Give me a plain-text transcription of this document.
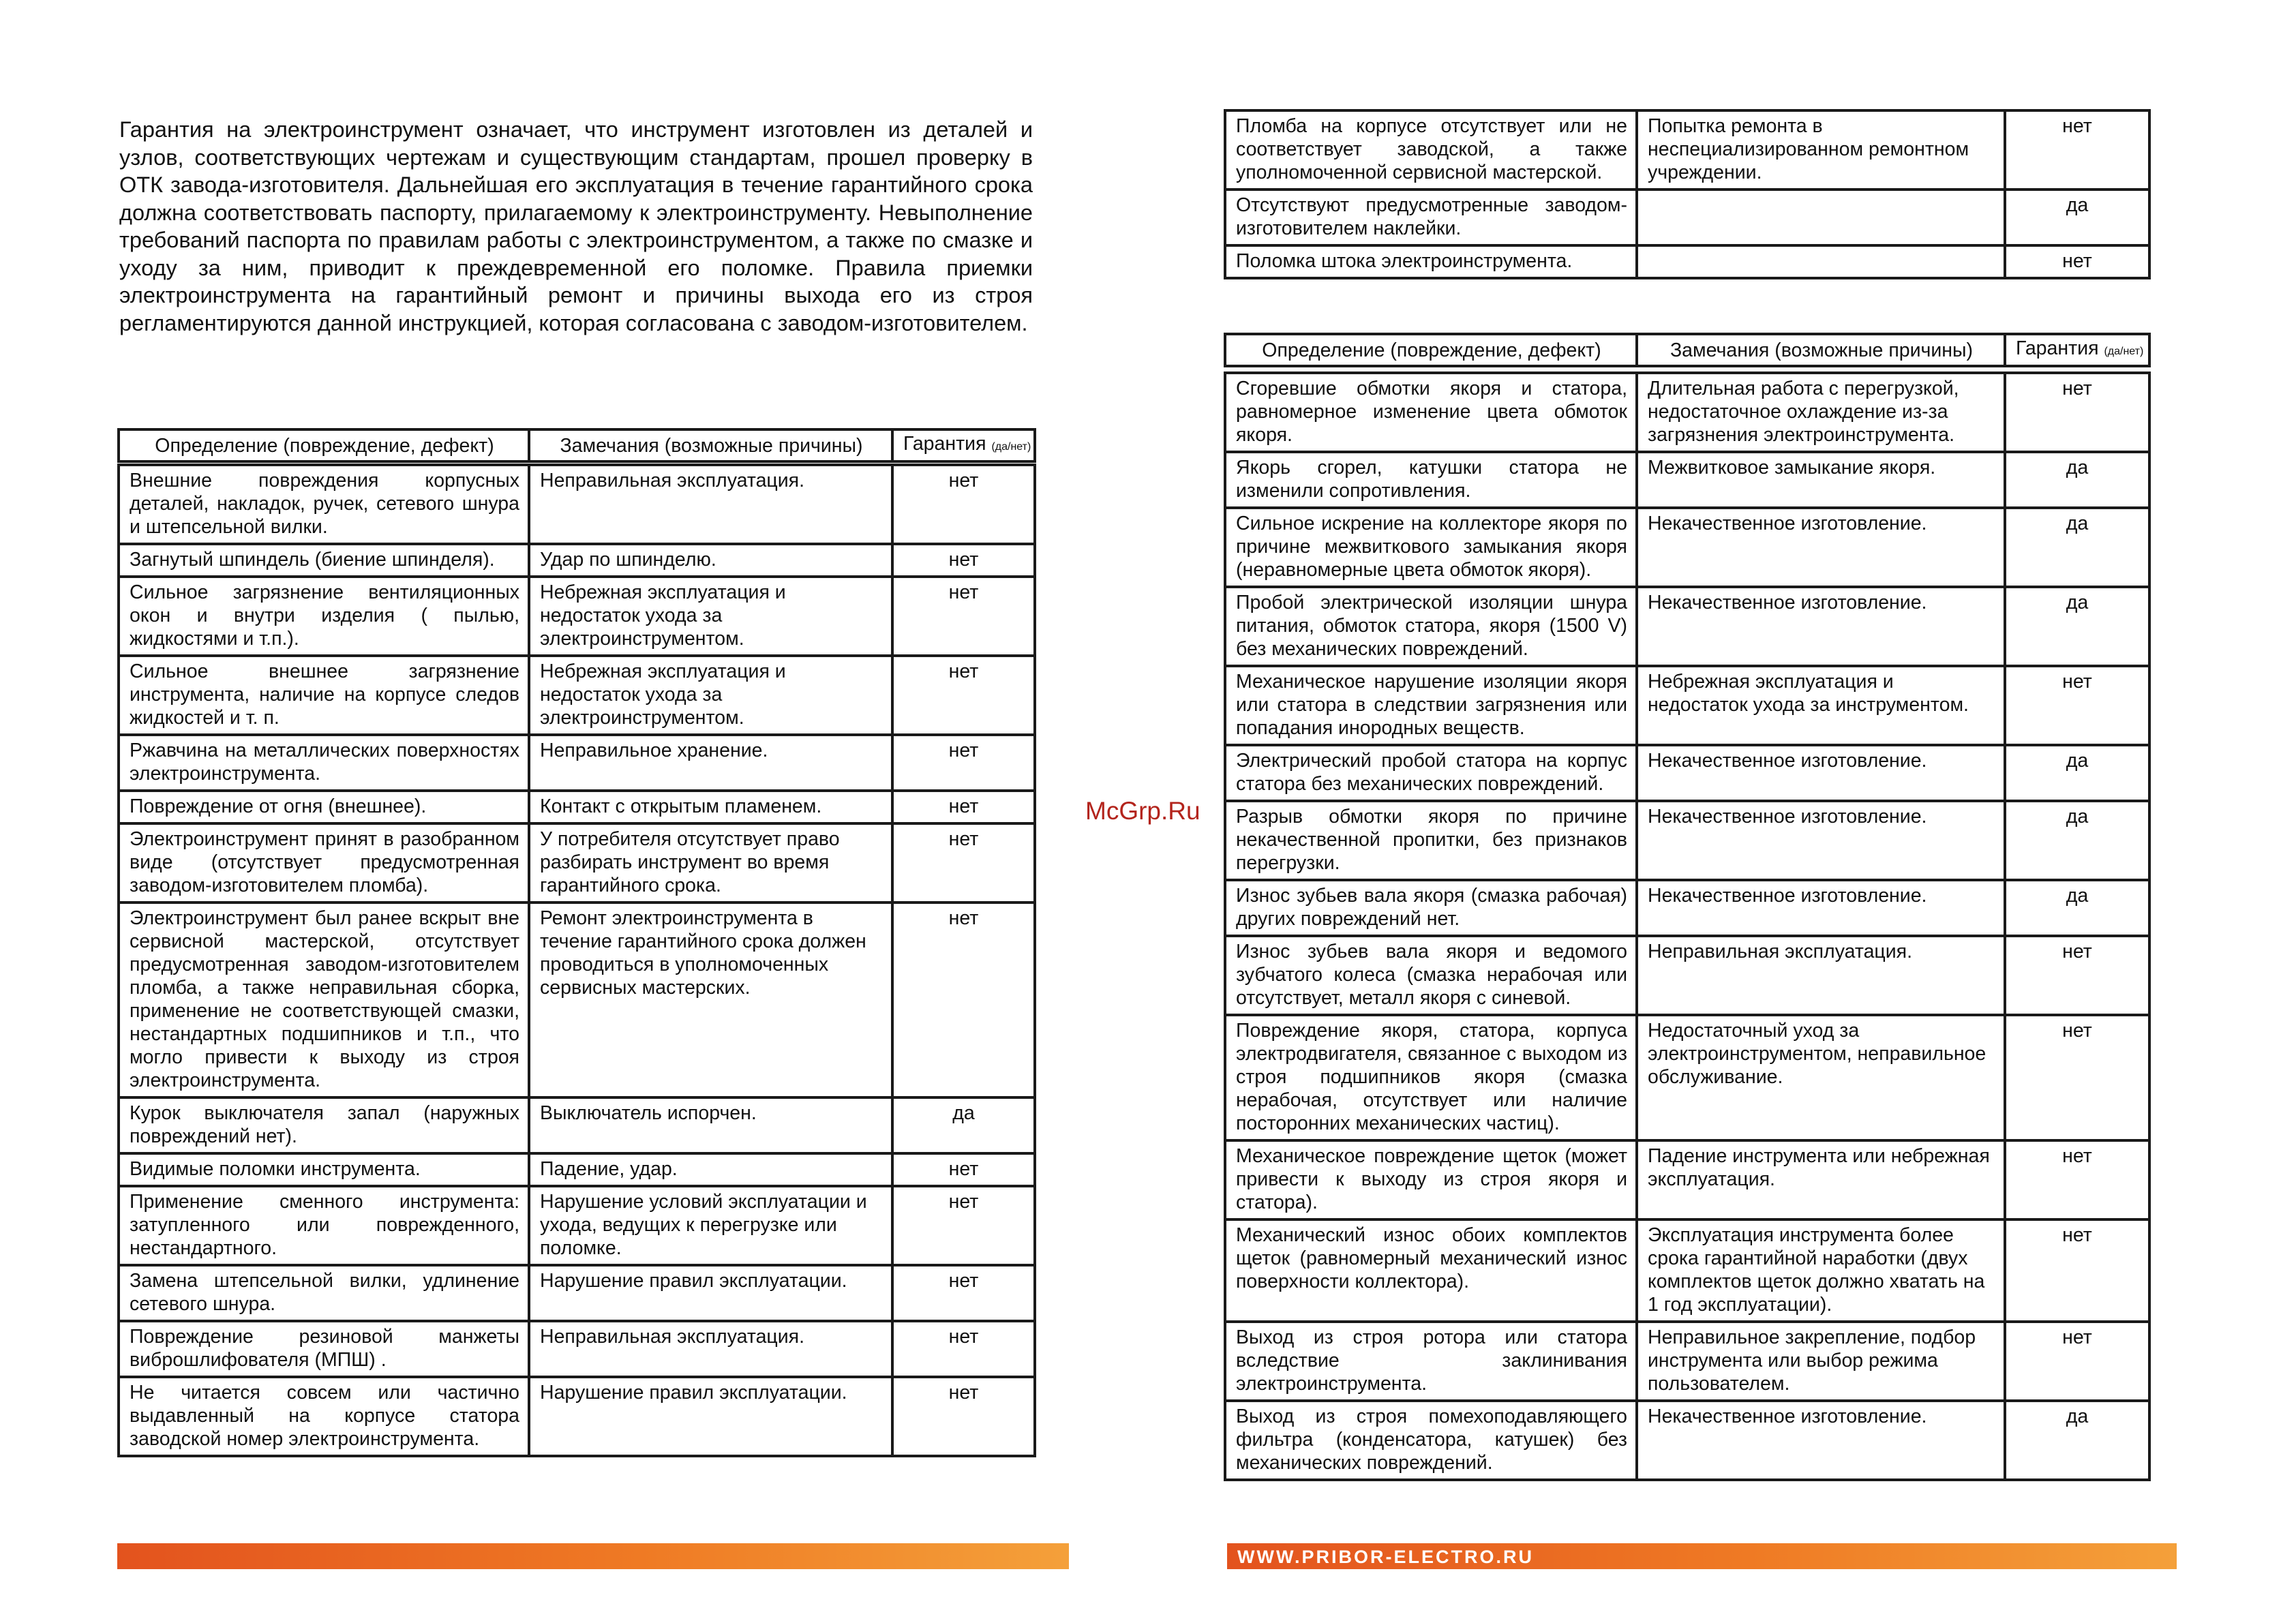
Гарантия на электроинструмент означает, что инструмент изготовлен из деталей и узлов, соответствующих чертежам и существующим стандартам, прошел проверку в ОТК завода-изготовителя. Дальнейшая его эксплуатация в течение гарантийного срока должна соответствовать паспорту, прилагаемому к электроинструменту. Невыполнение требований паспорта по правилам работы с электроинструментом, а также по смазке и уходу за ним, приводит к преждевременной его поломке. Правила приемки электроинструмента на гарантийный ремонт и причины выхода его из строя регламентируются данной инструкцией, которая согласована с заводом-изготовителем.

Определение (повреждение, дефект)	Замечания (возможные причины)	Гарантия (да/нет)
Внешние повреждения корпусных деталей, накладок, ручек, сетевого шнура и штепсельной вилки.	Неправильная эксплуатация.	нет
Загнутый шпиндель (биение шпинделя).	Удар по шпинделю.	нет
Сильное загрязнение вентиляционных окон и внутри изделия ( пылью, жидкостями и т.п.).	Небрежная эксплуатация и недостаток ухода за электроинструментом.	нет
Сильное внешнее загрязнение инструмента, наличие на корпусе следов жидкостей и т. п.	Небрежная эксплуатация и недостаток ухода за электроинструментом.	нет
Ржавчина на металлических поверхностях электроинструмента.	Неправильное хранение.	нет
Повреждение от огня (внешнее).	Контакт с открытым пламенем.	нет
Электроинструмент принят в разобранном виде (отсутствует предусмотренная заводом-изготовителем пломба).	У потребителя отсутствует право разбирать инструмент во время гарантийного срока.	нет
Электроинструмент был ранее вскрыт вне сервисной мастерской, отсутствует предусмотренная заводом-изготовителем пломба, а также неправильная сборка, применение не соответствующей смазки, нестандартных подшипников и т.п., что могло привести к выходу из строя электроинструмента.	Ремонт электроинструмента в течение гарантийного срока должен проводиться в уполномоченных сервисных мастерских.	нет
Курок выключателя запал (наружных повреждений нет).	Выключатель испорчен.	да
Видимые поломки инструмента.	Падение, удар.	нет
Применение сменного инструмента: затупленного или поврежденного, нестандартного.	Нарушение условий эксплуатации и ухода, ведущих к перегрузке или поломке.	нет
Замена штепсельной вилки, удлинение сетевого шнура.	Нарушение правил эксплуатации.	нет
Повреждение резиновой манжеты виброшлифователя (МПШ) .	Неправильная эксплуатация.	нет
Не читается совсем или частично выдавленный на корпусе статора заводской номер электроинструмента.	Нарушение правил эксплуатации.	нет
Пломба на корпусе отсутствует или не соответствует заводской, а также уполномоченной сервисной мастерской.	Попытка ремонта в неспециализированном ремонтном учреждении.	нет
Отсутствуют предусмотренные заводом-изготовителем наклейки.		да
Поломка штока электроинструмента.		нет
Определение (повреждение, дефект)	Замечания (возможные причины)	Гарантия (да/нет)
Сгоревшие обмотки якоря и статора, равномерное изменение цвета обмоток якоря.	Длительная работа с перегрузкой, недостаточное охлаждение из-за загрязнения электроинструмента.	нет
Якорь сгорел, катушки статора не изменили сопротивления.	Межвитковое замыкание якоря.	да
Сильное искрение на коллекторе якоря по причине межвиткового замыкания якоря (неравномерные цвета обмоток якоря).	Некачественное изготовление.	да
Пробой электрической изоляции шнура питания, обмоток статора, якоря (1500 V) без механических повреждений.	Некачественное изготовление.	да
Механическое нарушение изоляции якоря или статора в следствии загрязнения или попадания инородных веществ.	Небрежная эксплуатация и недостаток ухода за инструментом.	нет
Электрический пробой статора на корпус статора без механических повреждений.	Некачественное изготовление.	да
Разрыв обмотки якоря по причине некачественной пропитки, без признаков перегрузки.	Некачественное изготовление.	да
Износ зубьев вала якоря (смазка рабочая) других повреждений нет.	Некачественное изготовление.	да
Износ зубьев вала якоря и ведомого зубчатого колеса (смазка нерабочая или отсутствует, металл якоря с синевой.	Неправильная эксплуатация.	нет
Повреждение якоря, статора, корпуса электродвигателя, связанное с выходом из строя подшипников якоря (смазка нерабочая, отсутствует или наличие посторонних механических частиц).	Недостаточный уход за электроинструментом, неправильное обслуживание.	нет
Механическое повреждение щеток (может привести к выходу из строя якоря и статора).	Падение инструмента или небрежная эксплуатация.	нет
Механический износ обоих комплектов щеток (равномерный механический износ поверхности коллектора).	Эксплуатация инструмента более срока гарантийной наработки (двух комплектов щеток должно хватать на 1 год эксплуатации).	нет
Выход из строя ротора или статора вследствие заклинивания электроинструмента.	Неправильное закрепление, подбор инструмента или выбор режима пользователем.	нет
Выход из строя помехоподавляющего фильтра (конденсатора, катушек) без механических повреждений.	Некачественное изготовление.	да
WWW.PRIBOR-ELECTRO.RU
McGrp.Ru
